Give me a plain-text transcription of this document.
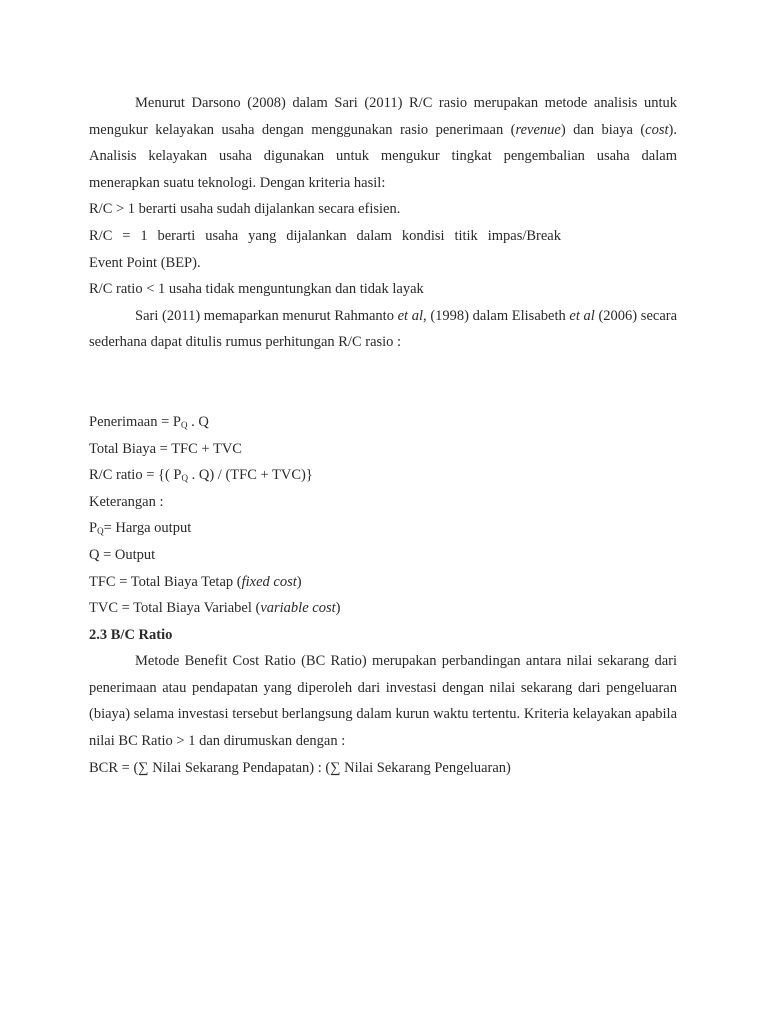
Menurut Darsono (2008) dalam Sari (2011) R/C rasio merupakan metode analisis untuk mengukur kelayakan usaha dengan menggunakan rasio penerimaan (revenue) dan biaya (cost). Analisis kelayakan usaha digunakan untuk mengukur tingkat pengembalian usaha dalam menerapkan suatu teknologi. Dengan kriteria hasil:

R/C > 1 berarti usaha sudah dijalankan secara efisien.

R/C = 1 berarti usaha yang dijalankan dalam kondisi titik impas/Break

Event Point (BEP).

R/C ratio < 1 usaha tidak menguntungkan dan tidak layak

Sari (2011) memaparkan menurut Rahmanto et al, (1998) dalam Elisabeth et al (2006) secara sederhana dapat ditulis rumus perhitungan R/C rasio :

Penerimaan = $P_Q$ . Q

Total Biaya = TFC + TVC

R/C ratio = {( $P_Q$ . Q) / (TFC + TVC)}

Keterangan :

$P_Q=$ Harga output

Q = Output

TFC = Total Biaya Tetap (fixed cost)

TVC = Total Biaya Variabel (variable cost)

2.3 B/C Ratio

Metode Benefit Cost Ratio (BC Ratio) merupakan perbandingan antara nilai sekarang dari penerimaan atau pendapatan yang diperoleh dari investasi dengan nilai sekarang dari pengeluaran (biaya) selama investasi tersebut berlangsung dalam kurun waktu tertentu. Kriteria kelayakan apabila nilai BC Ratio > 1 dan dirumuskan dengan :

BCR = (∑ Nilai Sekarang Pendapatan) : (∑ Nilai Sekarang Pengeluaran)
